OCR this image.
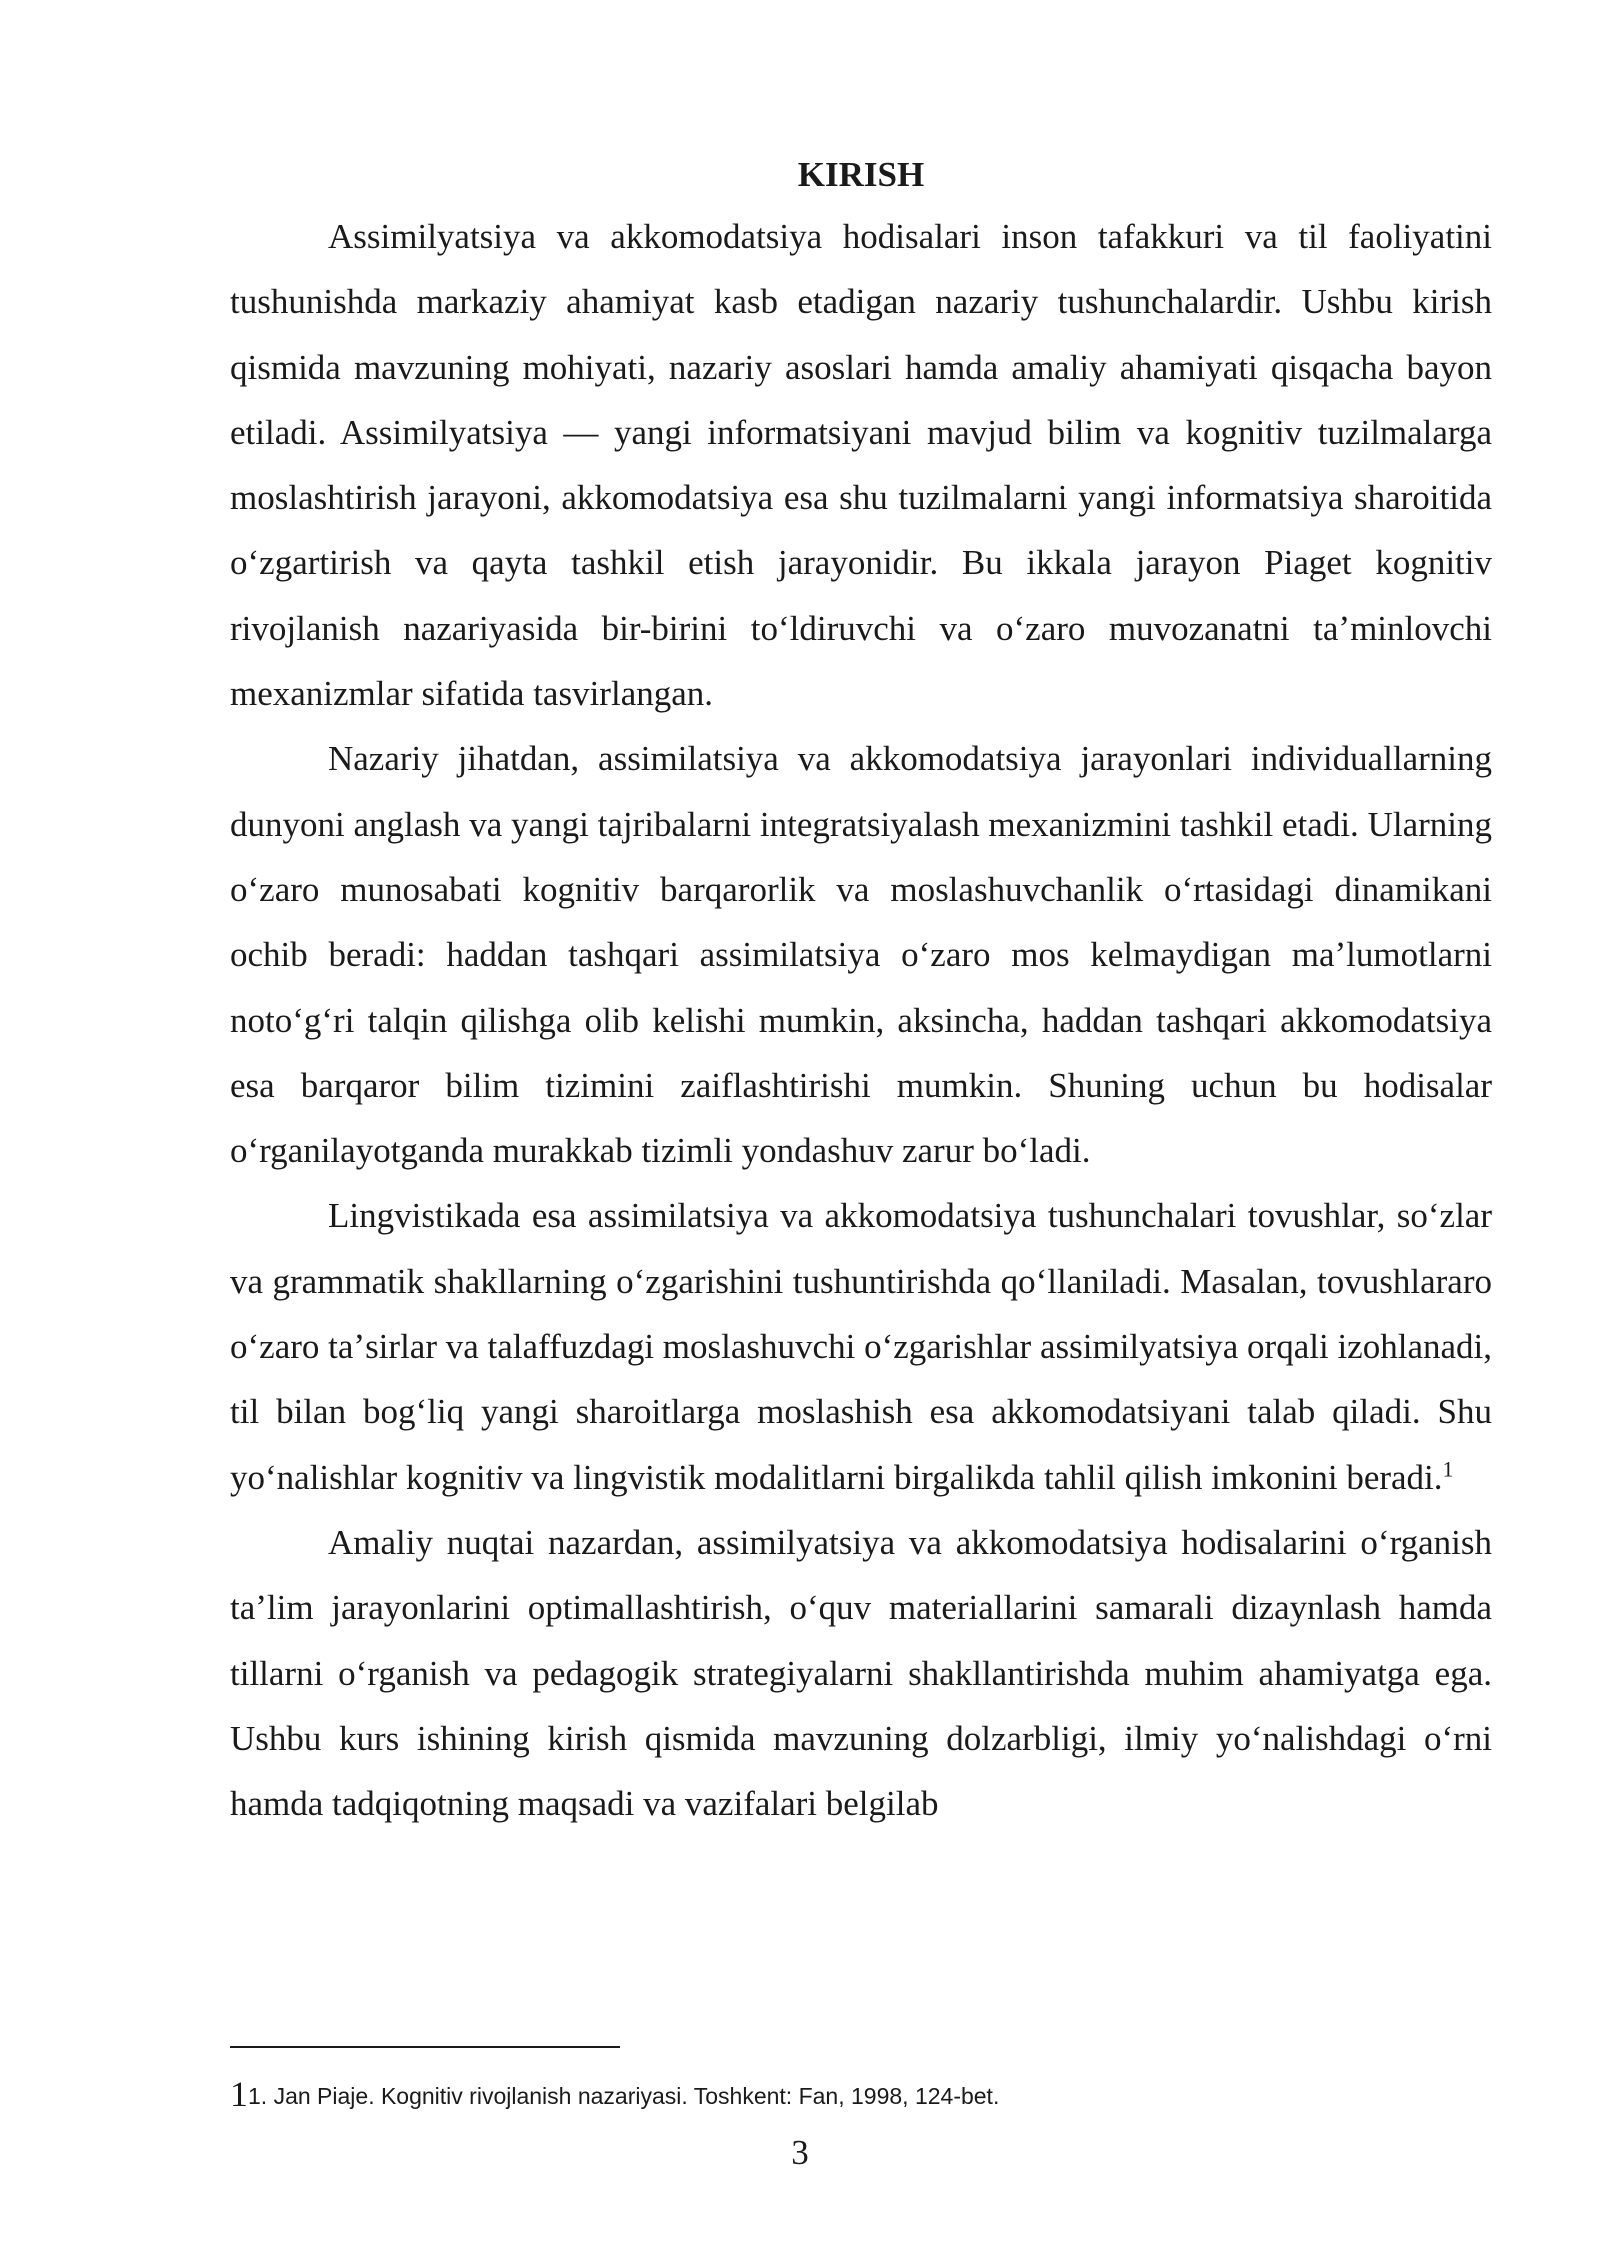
KIRISH

Assimilyatsiya va akkomodatsiya hodisalari inson tafakkuri va til faoliyatini tushunishda markaziy ahamiyat kasb etadigan nazariy tushunchalardir. Ushbu kirish qismida mavzuning mohiyati, nazariy asoslari hamda amaliy ahamiyati qisqacha bayon etiladi. Assimilyatsiya — yangi informatsiyani mavjud bilim va kognitiv tuzilmalarga moslashtirish jarayoni, akkomodatsiya esa shu tuzilmalarni yangi informatsiya sharoitida oʻzgartirish va qayta tashkil etish jarayonidir. Bu ikkala jarayon Piaget kognitiv rivojlanish nazariyasida bir-birini toʻldiruvchi va oʻzaro muvozanatni taʼminlovchi mexanizmlar sifatida tasvirlangan.

Nazariy jihatdan, assimilatsiya va akkomodatsiya jarayonlari individuallarning dunyoni anglash va yangi tajribalarni integratsiyalash mexanizmini tashkil etadi. Ularning oʻzaro munosabati kognitiv barqarorlik va moslashuvchanlik oʻrtasidagi dinamikani ochib beradi: haddan tashqari assimilatsiya oʻzaro mos kelmaydigan maʼlumotlarni notoʻgʻri talqin qilishga olib kelishi mumkin, aksincha, haddan tashqari akkomodatsiya esa barqaror bilim tizimini zaiflashtirishi mumkin. Shuning uchun bu hodisalar oʻrganilayotganda murakkab tizimli yondashuv zarur boʻladi.

Lingvistikada esa assimilatsiya va akkomodatsiya tushunchalari tovushlar, soʻzlar va grammatik shakllarning oʻzgarishini tushuntirishda qoʻllaniladi. Masalan, tovushlararo oʻzaro taʼsirlar va talaffuzdagi moslashuvchi oʻzgarishlar assimilyatsiya orqali izohlanadi, til bilan bogʻliq yangi sharoitlarga moslashish esa akkomodatsiyani talab qiladi. Shu yoʻnalishlar kognitiv va lingvistik modalitlarni birgalikda tahlil qilish imkonini beradi.$^1$

Amaliy nuqtai nazardan, assimilyatsiya va akkomodatsiya hodisalarini oʻrganish taʼlim jarayonlarini optimallashtirish, oʻquv materiallarini samarali dizaynlash hamda tillarni oʻrganish va pedagogik strategiyalarni shakllantirishda muhim ahamiyatga ega. Ushbu kurs ishining kirish qismida mavzuning dolzarbligi, ilmiy yoʻnalishdagi oʻrni hamda tadqiqotning maqsadi va vazifalari belgilab

11. Jan Piaje. Kognitiv rivojlanish nazariyasi. Toshkent: Fan, 1998, 124-bet.
3
